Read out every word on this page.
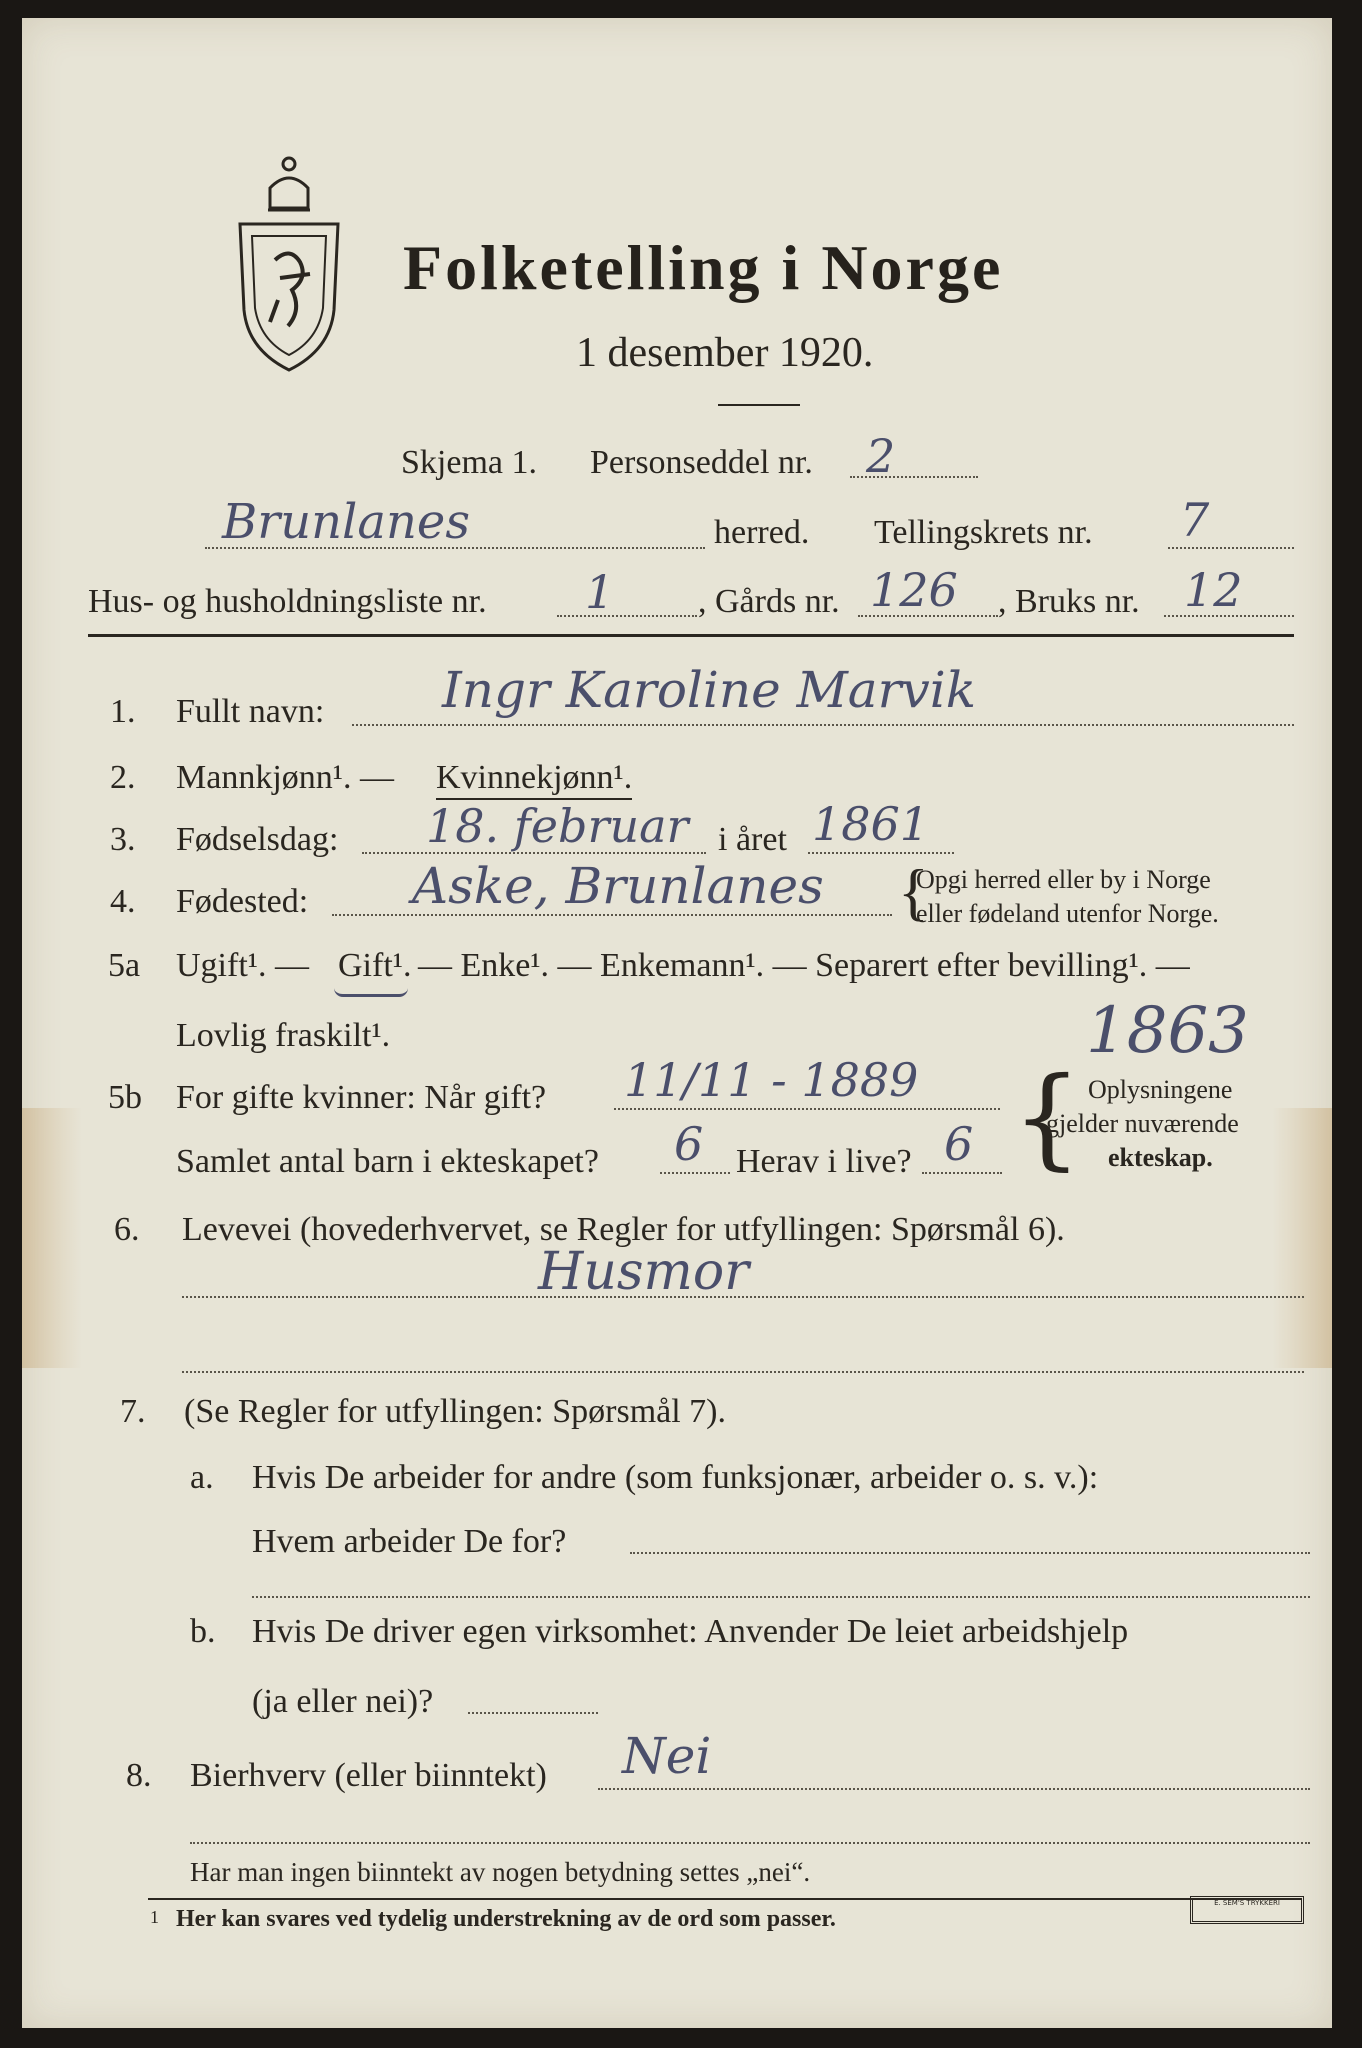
Folketelling i Norge
1 desember 1920.
Skjema 1. Personseddel nr. 2
Brunlanes	herred. Tellingskrets nr. 7
Hus- og husholdningsliste nr. 1 , Gårds nr. 126 , Bruks nr. 12
1. Fullt navn: Ingr Karoline Marvik
2. Mannkjønn¹. — Kvinnekjønn¹.
3. Fødselsdag: 18. februar i året 1861
4. Fødested: Aske, Brunlanes {
Opgi herred eller by i Norge
eller fødeland utenfor Norge.
5a Ugift¹. — Gift¹. — Enke¹. — Enkemann¹. — Separert efter bevilling¹. —
Lovlig fraskilt¹.	1863
5b For gifte kvinner: Når gift? 11/11 - 1889
Samlet antal barn i ekteskapet? 6 Herav i live? 6 { Oplysningene
gjelder nuværende
ekteskap.
6. Levevei (hovederhvervet, se Regler for utfyllingen: Spørsmål 6).
Husmor
7. (Se Regler for utfyllingen: Spørsmål 7).
a. Hvis De arbeider for andre (som funksjonær, arbeider o. s. v.):
Hvem arbeider De for?
b. Hvis De driver egen virksomhet: Anvender De leiet arbeidshjelp
(ja eller nei)?
8. Bierhverv (eller biinntekt) Nei
Har man ingen biinntekt av nogen betydning settes „nei“.
1 Her kan svares ved tydelig understrekning av de ord som passer.
E. SEM'S TRYKKERI
